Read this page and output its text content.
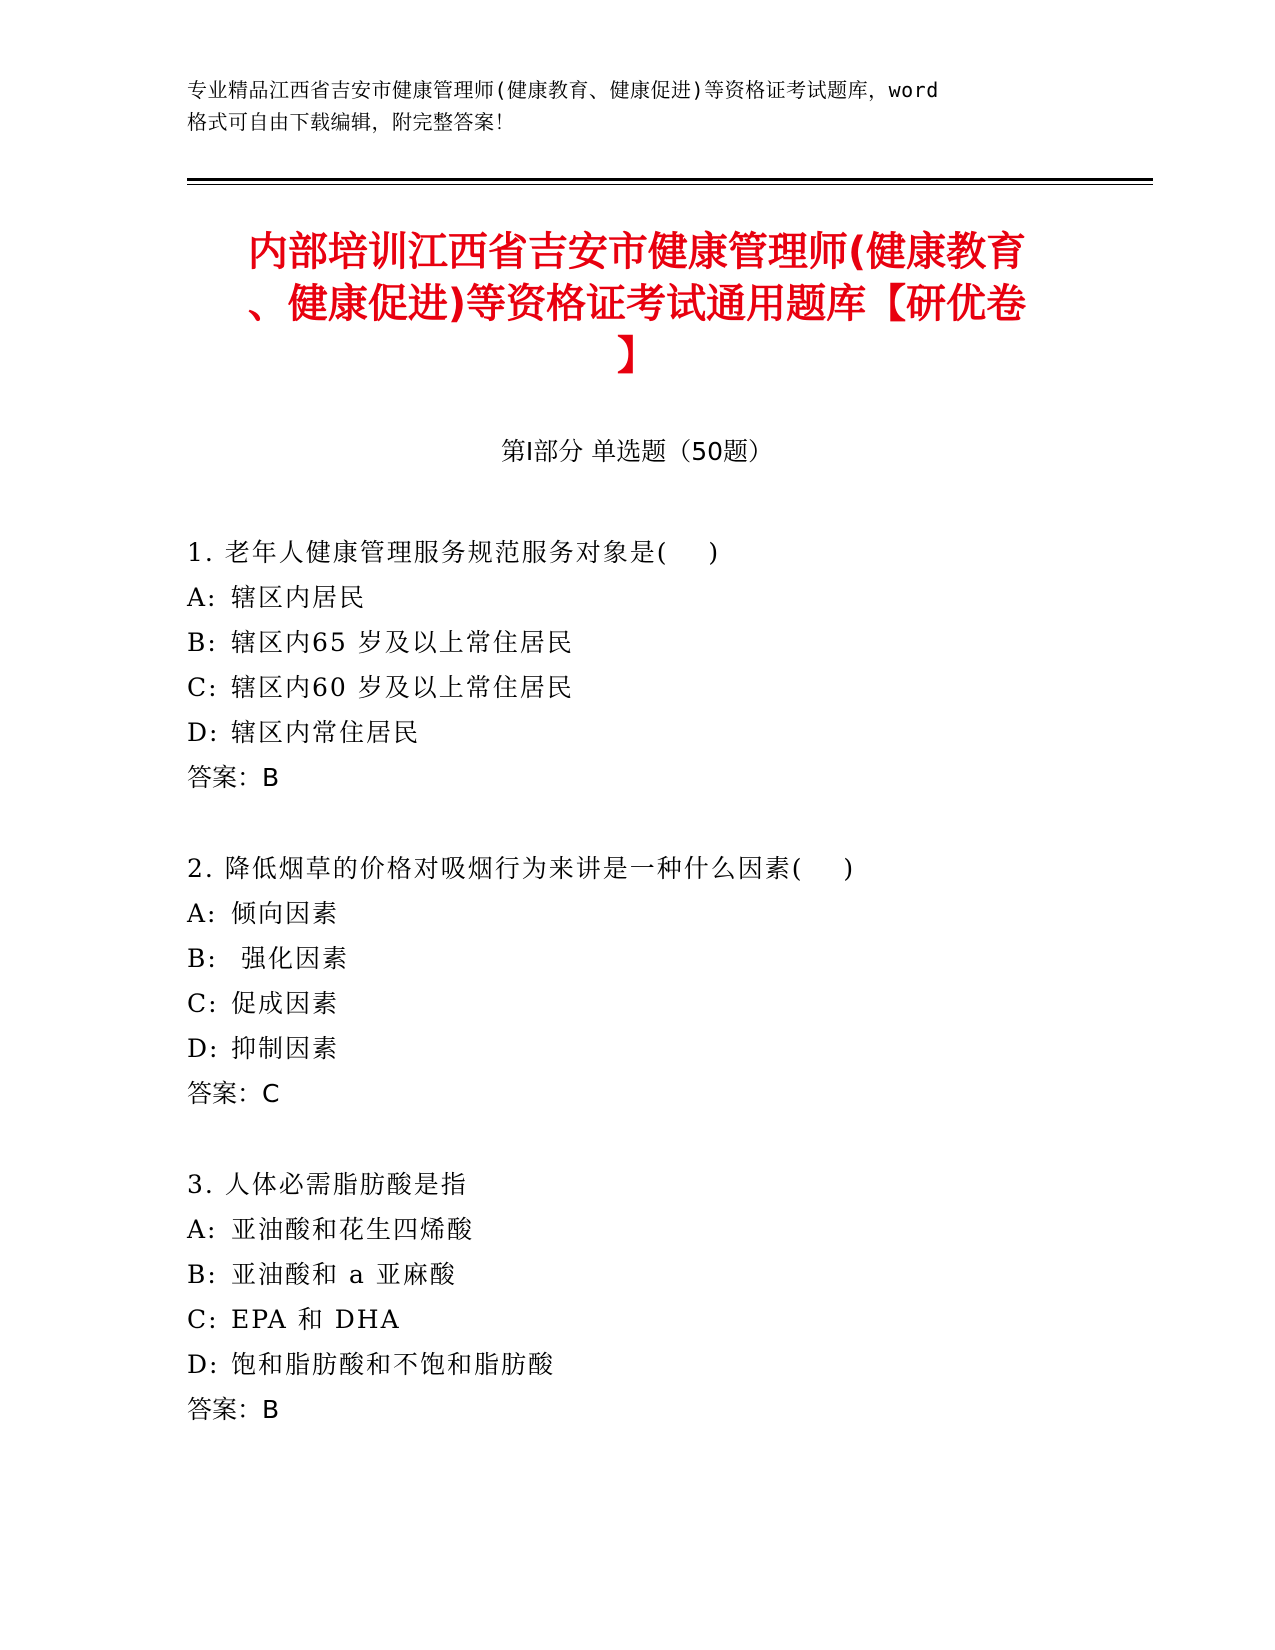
专业精品江西省吉安市健康管理师(健康教育、健康促进)等资格证考试题库，word
格式可自由下载编辑，附完整答案！
内部培训江西省吉安市健康管理师(健康教育
、健康促进)等资格证考试通用题库【研优卷
】
第Ⅰ部分 单选题（50题）
1. 老年人健康管理服务规范服务对象是(    )
A: 辖区内居民
B: 辖区内65 岁及以上常住居民
C: 辖区内60 岁及以上常住居民
D: 辖区内常住居民
答案：B
2. 降低烟草的价格对吸烟行为来讲是一种什么因素(    )
A: 倾向因素
B: 强化因素
C: 促成因素
D: 抑制因素
答案：C
3. 人体必需脂肪酸是指
A: 亚油酸和花生四烯酸
B: 亚油酸和 a 亚麻酸
C: EPA 和 DHA
D: 饱和脂肪酸和不饱和脂肪酸
答案：B
